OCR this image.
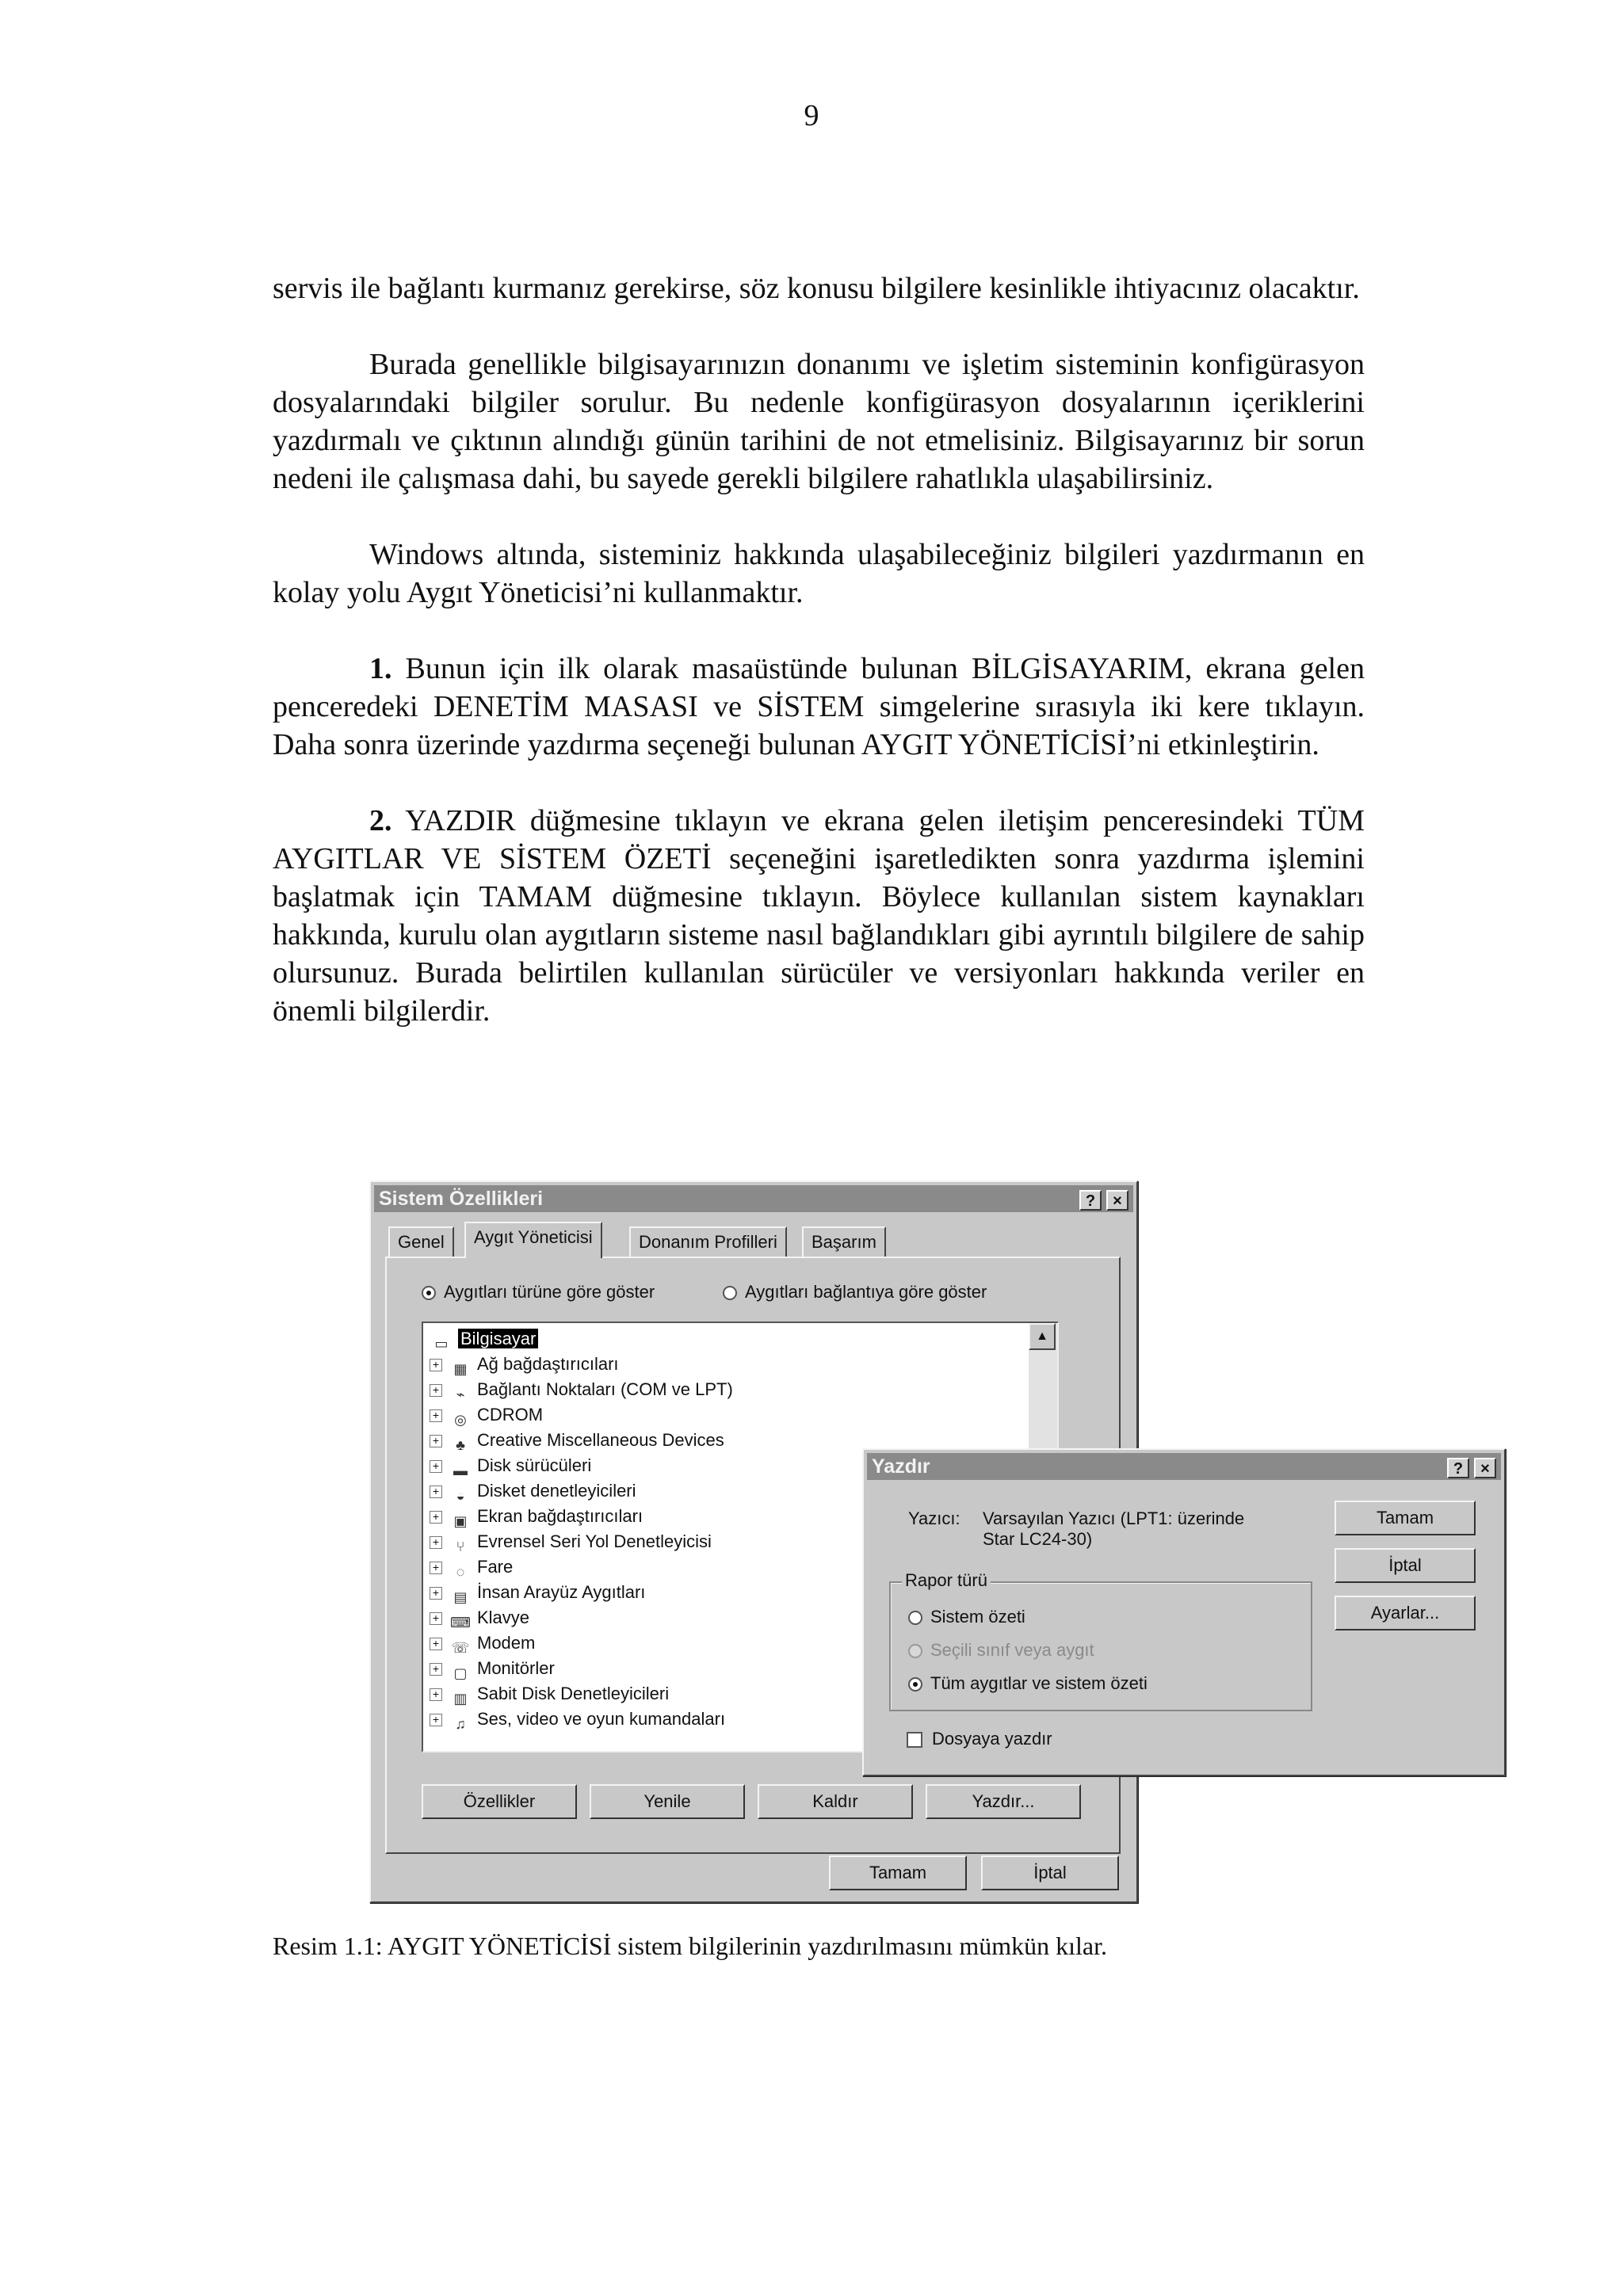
9

servis ile bağlantı kurmanız gerekirse, söz konusu bilgilere kesinlikle ihtiyacınız olacaktır.

Burada genellikle bilgisayarınızın donanımı ve işletim sisteminin konfigürasyon dosyalarındaki bilgiler sorulur. Bu nedenle konfigürasyon dosyalarının içeriklerini yazdırmalı ve çıktının alındığı günün tarihini de not etmelisiniz. Bilgisayarınız bir sorun nedeni ile çalışmasa dahi, bu sayede gerekli bilgilere rahatlıkla ulaşabilirsiniz.

Windows altında, sisteminiz hakkında ulaşabileceğiniz bilgileri yazdırmanın en kolay yolu Aygıt Yöneticisi’ni kullanmaktır.

1. Bunun için ilk olarak masaüstünde bulunan BİLGİSAYARIM, ekrana gelen penceredeki DENETİM MASASI ve SİSTEM simgelerine sırasıyla iki kere tıklayın. Daha sonra üzerinde yazdırma seçeneği bulunan AYGIT YÖNETİCİSİ’ni etkinleştirin.

2. YAZDIR düğmesine tıklayın ve ekrana gelen iletişim penceresindeki TÜM AYGITLAR VE SİSTEM ÖZETİ seçeneğini işaretledikten sonra yazdırma işlemini başlatmak için TAMAM düğmesine tıklayın. Böylece kullanılan sistem kaynakları hakkında, kurulu olan aygıtların sisteme nasıl bağlandıkları gibi ayrıntılı bilgilere de sahip olursunuz. Burada belirtilen kullanılan sürücüler ve versiyonları hakkında veriler en önemli bilgilerdir.

Sistem Özellikleri	?	×
Genel	Aygıt Yöneticisi	Donanım Profilleri	Başarım
Aygıtları türüne göre göster	Aygıtları bağlantıya göre göster
▭ Bilgisayar
+ ▦ Ağ bağdaştırıcıları
+ ⌁ Bağlantı Noktaları (COM ve LPT)
+ ◎ CDROM
+ ♣ Creative Miscellaneous Devices
+ ▬ Disk sürücüleri
+ ◒ Disket denetleyicileri
+ ▣ Ekran bağdaştırıcıları
+ ⑂ Evrensel Seri Yol Denetleyicisi
+ ◌ Fare
+ ▤ İnsan Arayüz Aygıtları
+ ⌨ Klavye
+ ☏ Modem
+ ▢ Monitörler
+ ▥ Sabit Disk Denetleyicileri
+ ♫ Ses, video ve oyun kumandaları
▲
Özellikler	Yenile	Kaldır	Yazdır...
Tamam	İptal
Yazdır	?	×
Yazıcı: Varsayılan Yazıcı (LPT1: üzerinde
Star LC24-30)
Rapor türü
Sistem özeti
Seçili sınıf veya aygıt
Tüm aygıtlar ve sistem özeti
Dosyaya yazdır
Tamam
İptal
Ayarlar...
Resim 1.1: AYGIT YÖNETİCİSİ sistem bilgilerinin yazdırılmasını mümkün kılar.
